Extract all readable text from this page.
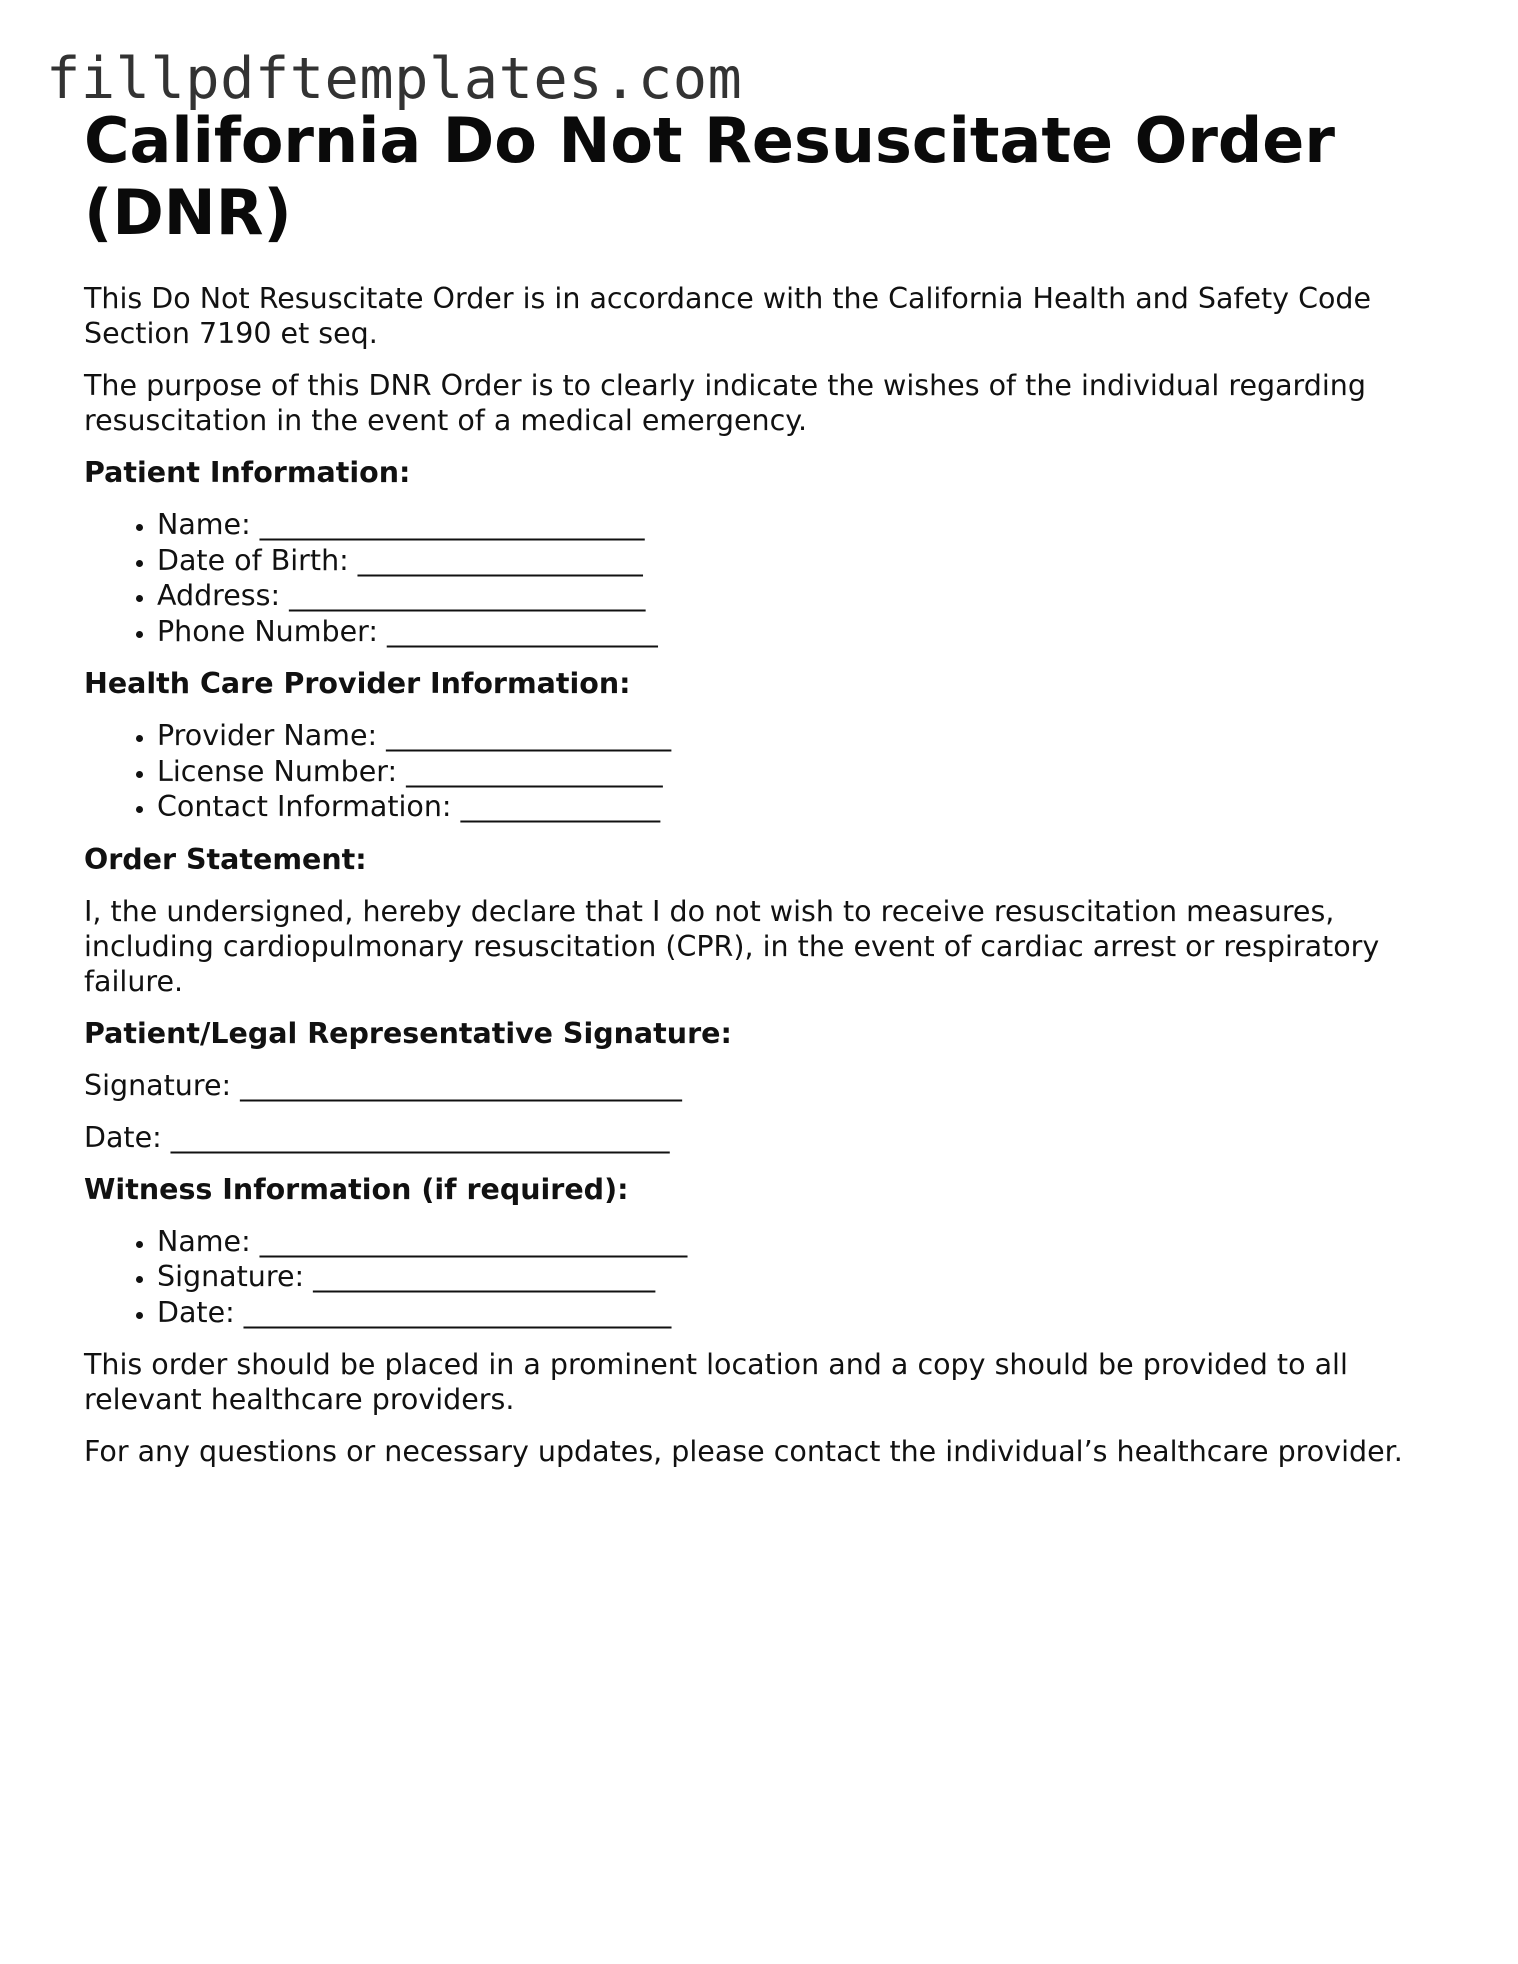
fillpdftemplates.com
California Do Not Resuscitate Order (DNR)

This Do Not Resuscitate Order is in accordance with the California Health and Safety Code Section 7190 et seq.

The purpose of this DNR Order is to clearly indicate the wishes of the individual regarding resuscitation in the event of a medical emergency.

Patient Information:

• Name: ___________________________
• Date of Birth: ____________________
• Address: _________________________
• Phone Number: ___________________

Health Care Provider Information:

• Provider Name: ____________________
• License Number: __________________
• Contact Information: ______________

Order Statement:

I, the undersigned, hereby declare that I do not wish to receive resuscitation measures, including cardiopulmonary resuscitation (CPR), in the event of cardiac arrest or respiratory failure.

Patient/Legal Representative Signature:

Signature: _______________________________

Date: ___________________________________

Witness Information (if required):

• Name: ______________________________
• Signature: ________________________
• Date: ______________________________

This order should be placed in a prominent location and a copy should be provided to all relevant healthcare providers.

For any questions or necessary updates, please contact the individual’s healthcare provider.
